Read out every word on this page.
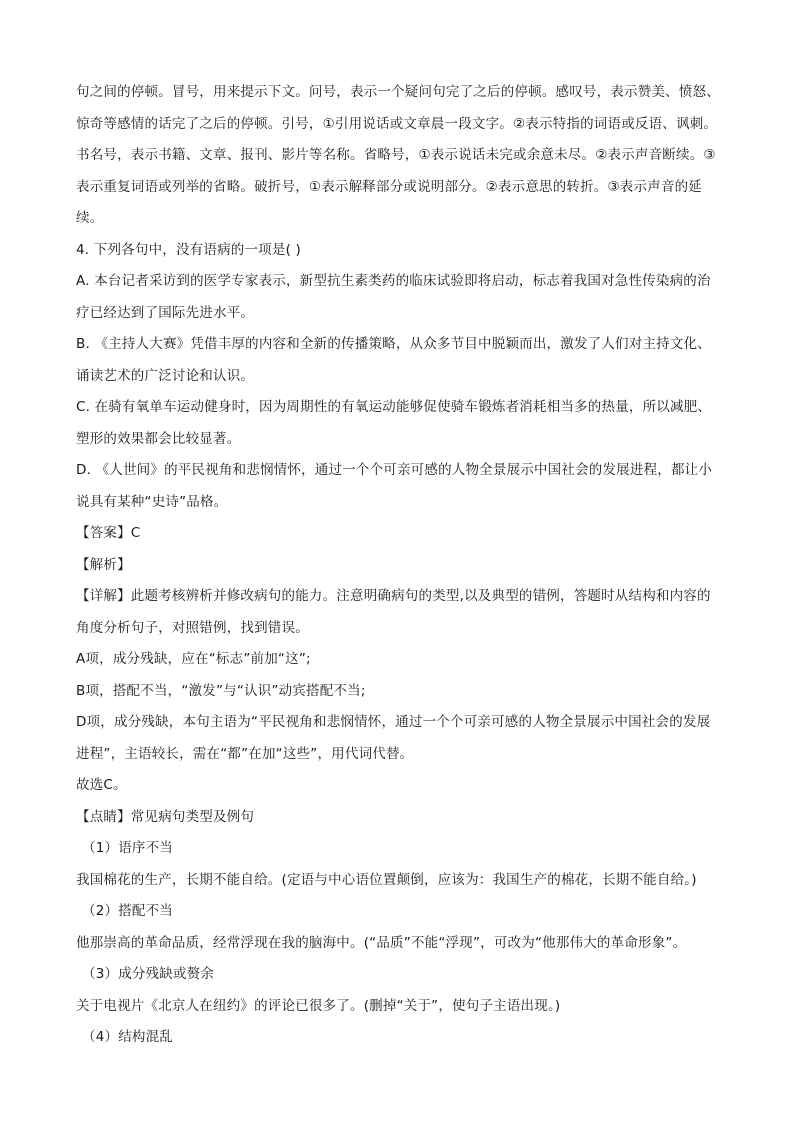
句之间的停顿。冒号，用来提示下文。问号，表示一个疑问句完了之后的停顿。感叹号，表示赞美、愤怒、
惊奇等感情的话完了之后的停顿。引号，①引用说话或文章晨一段文字。②表示特指的词语或反语、讽刺。
书名号，表示书籍、文章、报刊、影片等名称。省略号，①表示说话未完或余意未尽。②表示声音断续。③
表示重复词语或列举的省略。破折号，①表示解释部分或说明部分。②表示意思的转折。③表示声音的延
续。
4. 下列各句中，没有语病的一项是( )
A. 本台记者采访到的医学专家表示，新型抗生素类药的临床试验即将启动，标志着我国对急性传染病的治
疗已经达到了国际先进水平。
B. 《主持人大赛》凭借丰厚的内容和全新的传播策略，从众多节目中脱颖而出，激发了人们对主持文化、
诵读艺术的广泛讨论和认识。
C. 在骑有氧单车运动健身时，因为周期性的有氧运动能够促使骑车锻炼者消耗相当多的热量，所以减肥、
塑形的效果都会比较显著。
D. 《人世间》的平民视角和悲悯情怀，通过一个个可亲可感的人物全景展示中国社会的发展进程，都让小
说具有某种“史诗”品格。
【答案】C
【解析】
【详解】此题考核辨析并修改病句的能力。注意明确病句的类型,以及典型的错例，答题时从结构和内容的
角度分析句子，对照错例，找到错误。
A项，成分残缺，应在“标志”前加“这”;
B项，搭配不当，“激发”与“认识”动宾搭配不当;
D项，成分残缺，本句主语为“平民视角和悲悯情怀，通过一个个可亲可感的人物全景展示中国社会的发展
进程”，主语较长，需在“都”在加“这些”，用代词代替。
故选C。
【点睛】常见病句类型及例句
（1）语序不当
我国棉花的生产，长期不能自给。(定语与中心语位置颠倒，应该为：我国生产的棉花，长期不能自给。)
（2）搭配不当
他那崇高的革命品质，经常浮现在我的脑海中。(“品质”不能“浮现”，可改为“他那伟大的革命形象”。
（3）成分残缺或赘余
关于电视片《北京人在纽约》的评论已很多了。(删掉“关于”，使句子主语出现。)
（4）结构混乱
